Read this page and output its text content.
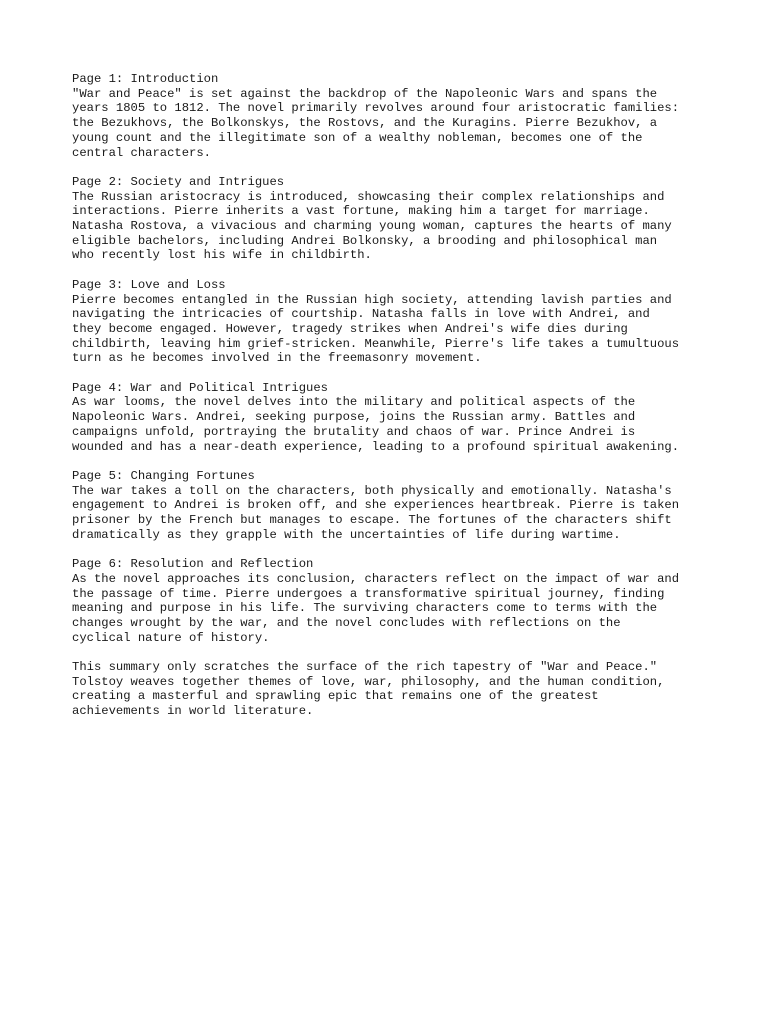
Page 1: Introduction
"War and Peace" is set against the backdrop of the Napoleonic Wars and spans the
years 1805 to 1812. The novel primarily revolves around four aristocratic families:
the Bezukhovs, the Bolkonskys, the Rostovs, and the Kuragins. Pierre Bezukhov, a
young count and the illegitimate son of a wealthy nobleman, becomes one of the
central characters.
Page 2: Society and Intrigues
The Russian aristocracy is introduced, showcasing their complex relationships and
interactions. Pierre inherits a vast fortune, making him a target for marriage.
Natasha Rostova, a vivacious and charming young woman, captures the hearts of many
eligible bachelors, including Andrei Bolkonsky, a brooding and philosophical man
who recently lost his wife in childbirth.
Page 3: Love and Loss
Pierre becomes entangled in the Russian high society, attending lavish parties and
navigating the intricacies of courtship. Natasha falls in love with Andrei, and
they become engaged. However, tragedy strikes when Andrei's wife dies during
childbirth, leaving him grief-stricken. Meanwhile, Pierre's life takes a tumultuous
turn as he becomes involved in the freemasonry movement.
Page 4: War and Political Intrigues
As war looms, the novel delves into the military and political aspects of the
Napoleonic Wars. Andrei, seeking purpose, joins the Russian army. Battles and
campaigns unfold, portraying the brutality and chaos of war. Prince Andrei is
wounded and has a near-death experience, leading to a profound spiritual awakening.
Page 5: Changing Fortunes
The war takes a toll on the characters, both physically and emotionally. Natasha's
engagement to Andrei is broken off, and she experiences heartbreak. Pierre is taken
prisoner by the French but manages to escape. The fortunes of the characters shift
dramatically as they grapple with the uncertainties of life during wartime.
Page 6: Resolution and Reflection
As the novel approaches its conclusion, characters reflect on the impact of war and
the passage of time. Pierre undergoes a transformative spiritual journey, finding
meaning and purpose in his life. The surviving characters come to terms with the
changes wrought by the war, and the novel concludes with reflections on the
cyclical nature of history.
This summary only scratches the surface of the rich tapestry of "War and Peace."
Tolstoy weaves together themes of love, war, philosophy, and the human condition,
creating a masterful and sprawling epic that remains one of the greatest
achievements in world literature.
